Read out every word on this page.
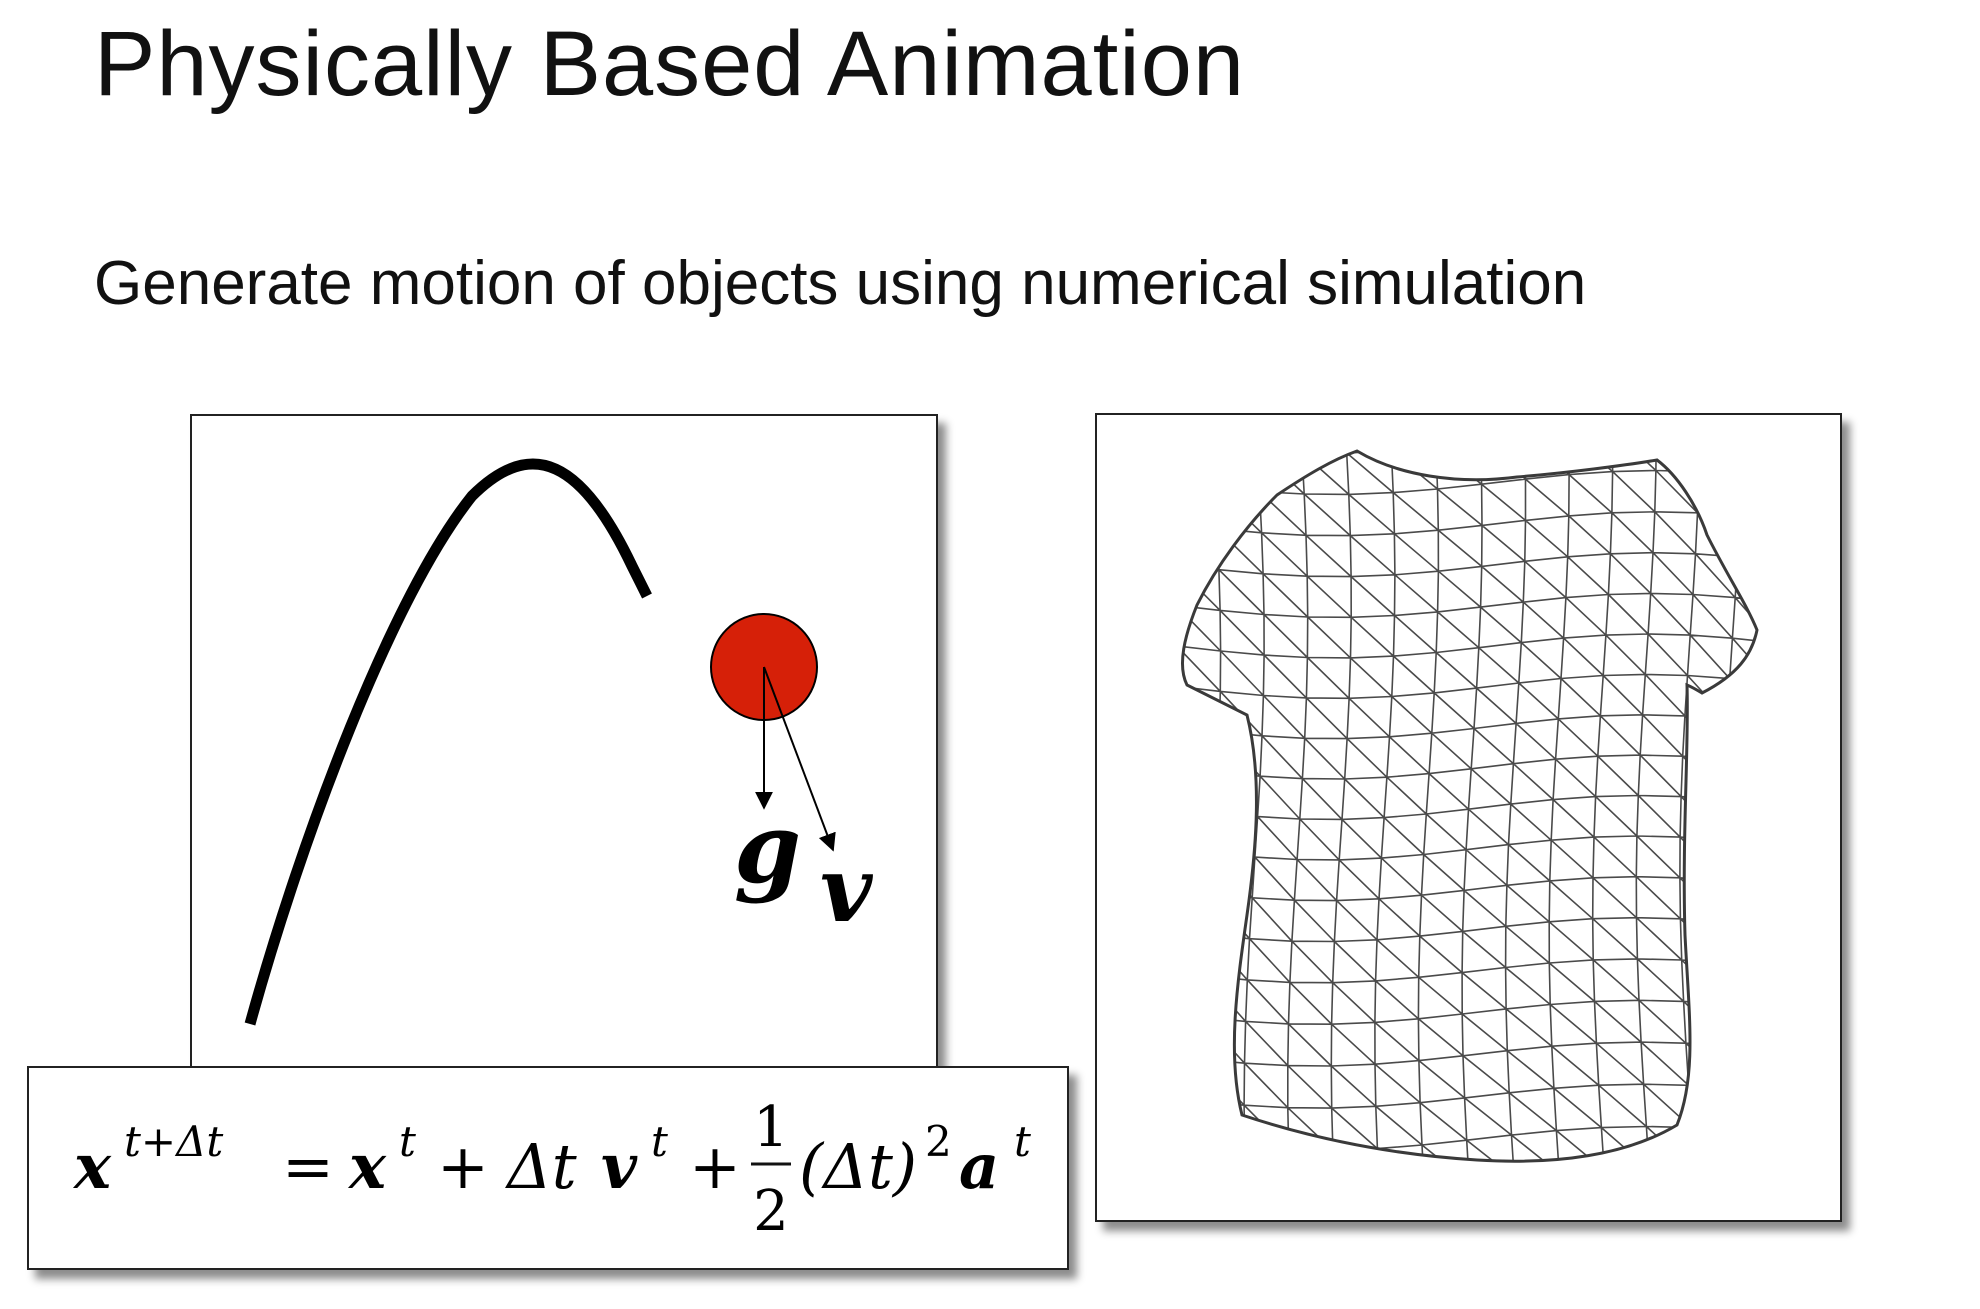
Physically Based Animation
Generate motion of objects using numerical simulation
g v
x t+Δt = x t + Δt v t +
1
2
(Δt) 2 a t
